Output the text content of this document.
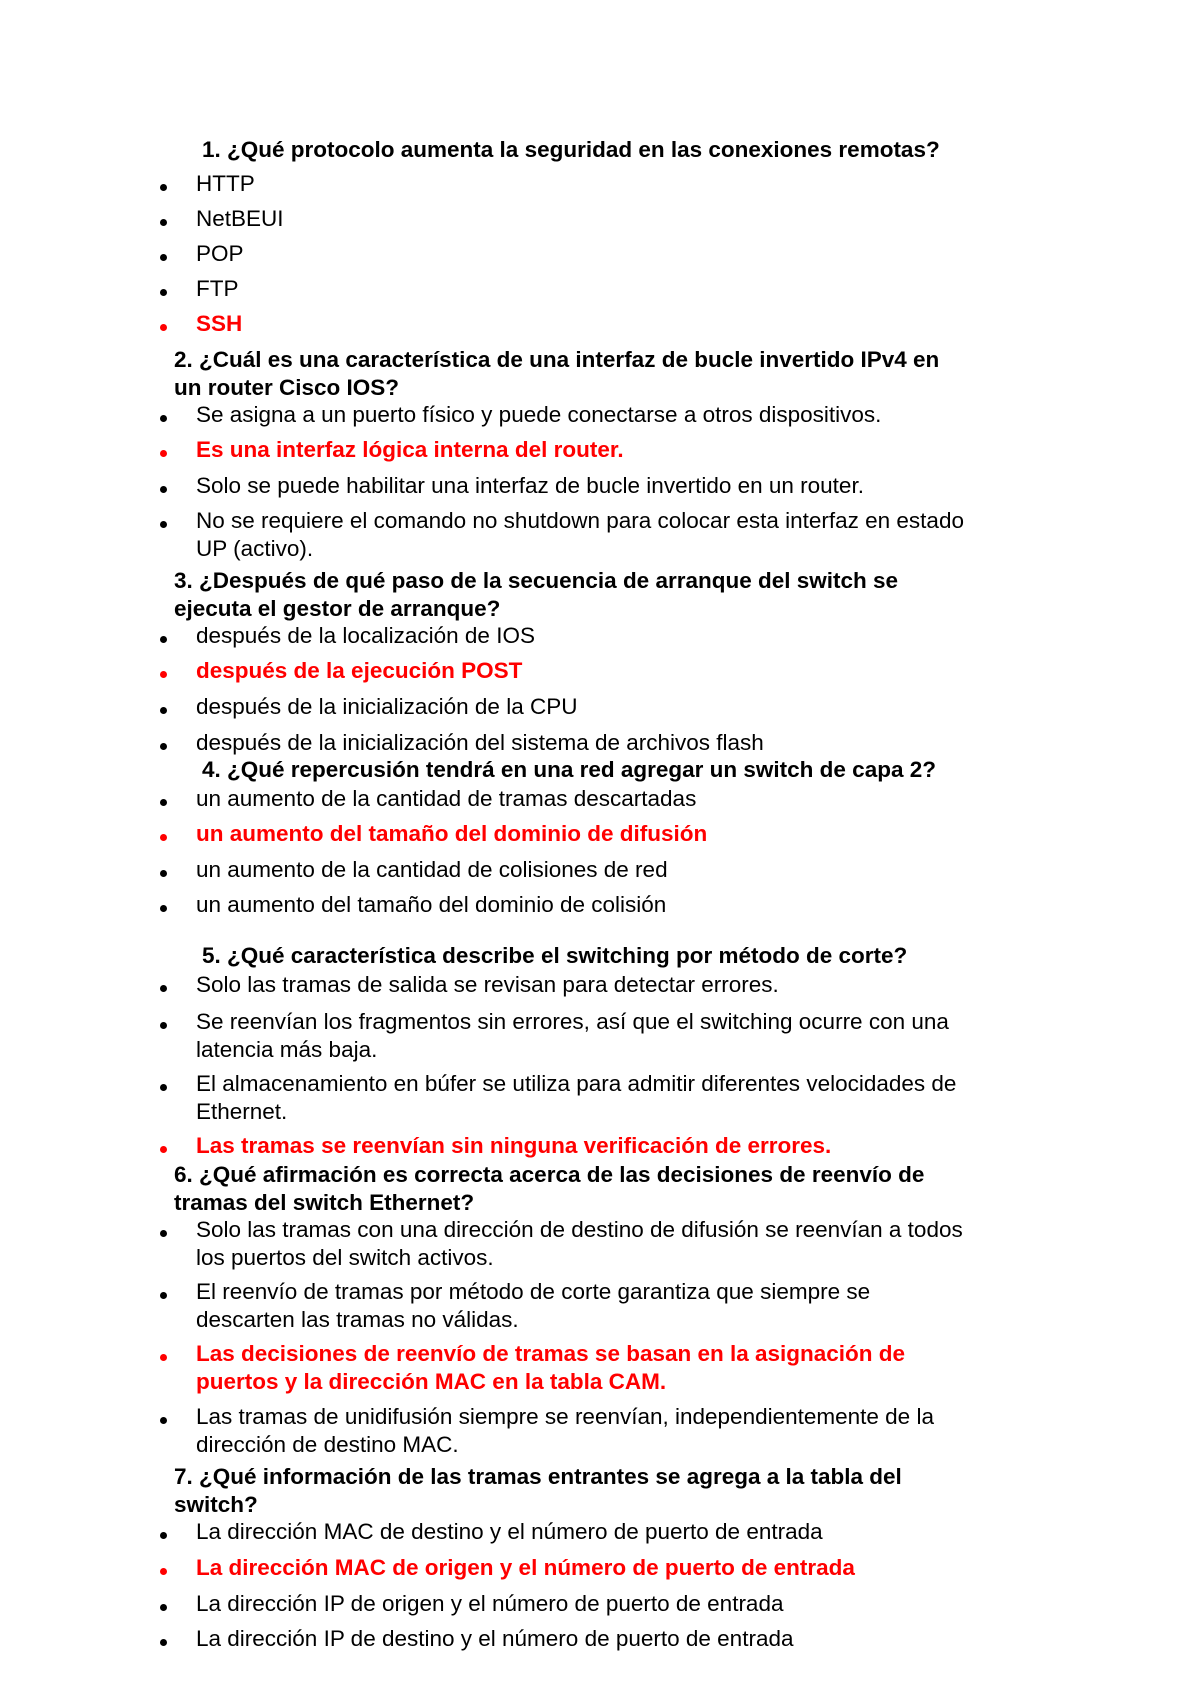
1. ¿Qué protocolo aumenta la seguridad en las conexiones remotas?
HTTP
NetBEUI
POP
FTP
SSH
2. ¿Cuál es una característica de una interfaz de bucle invertido IPv4 en
un router Cisco IOS?
Se asigna a un puerto físico y puede conectarse a otros dispositivos.
Es una interfaz lógica interna del router.
Solo se puede habilitar una interfaz de bucle invertido en un router.
No se requiere el comando no shutdown para colocar esta interfaz en estado
UP (activo).
3. ¿Después de qué paso de la secuencia de arranque del switch se
ejecuta el gestor de arranque?
después de la localización de IOS
después de la ejecución POST
después de la inicialización de la CPU
después de la inicialización del sistema de archivos flash
4. ¿Qué repercusión tendrá en una red agregar un switch de capa 2?
un aumento de la cantidad de tramas descartadas
un aumento del tamaño del dominio de difusión
un aumento de la cantidad de colisiones de red
un aumento del tamaño del dominio de colisión
5. ¿Qué característica describe el switching por método de corte?
Solo las tramas de salida se revisan para detectar errores.
Se reenvían los fragmentos sin errores, así que el switching ocurre con una
latencia más baja.
El almacenamiento en búfer se utiliza para admitir diferentes velocidades de
Ethernet.
Las tramas se reenvían sin ninguna verificación de errores.
6. ¿Qué afirmación es correcta acerca de las decisiones de reenvío de
tramas del switch Ethernet?
Solo las tramas con una dirección de destino de difusión se reenvían a todos
los puertos del switch activos.
El reenvío de tramas por método de corte garantiza que siempre se
descarten las tramas no válidas.
Las decisiones de reenvío de tramas se basan en la asignación de
puertos y la dirección MAC en la tabla CAM.
Las tramas de unidifusión siempre se reenvían, independientemente de la
dirección de destino MAC.
7. ¿Qué información de las tramas entrantes se agrega a la tabla del
switch?
La dirección MAC de destino y el número de puerto de entrada
La dirección MAC de origen y el número de puerto de entrada
La dirección IP de origen y el número de puerto de entrada
La dirección IP de destino y el número de puerto de entrada
